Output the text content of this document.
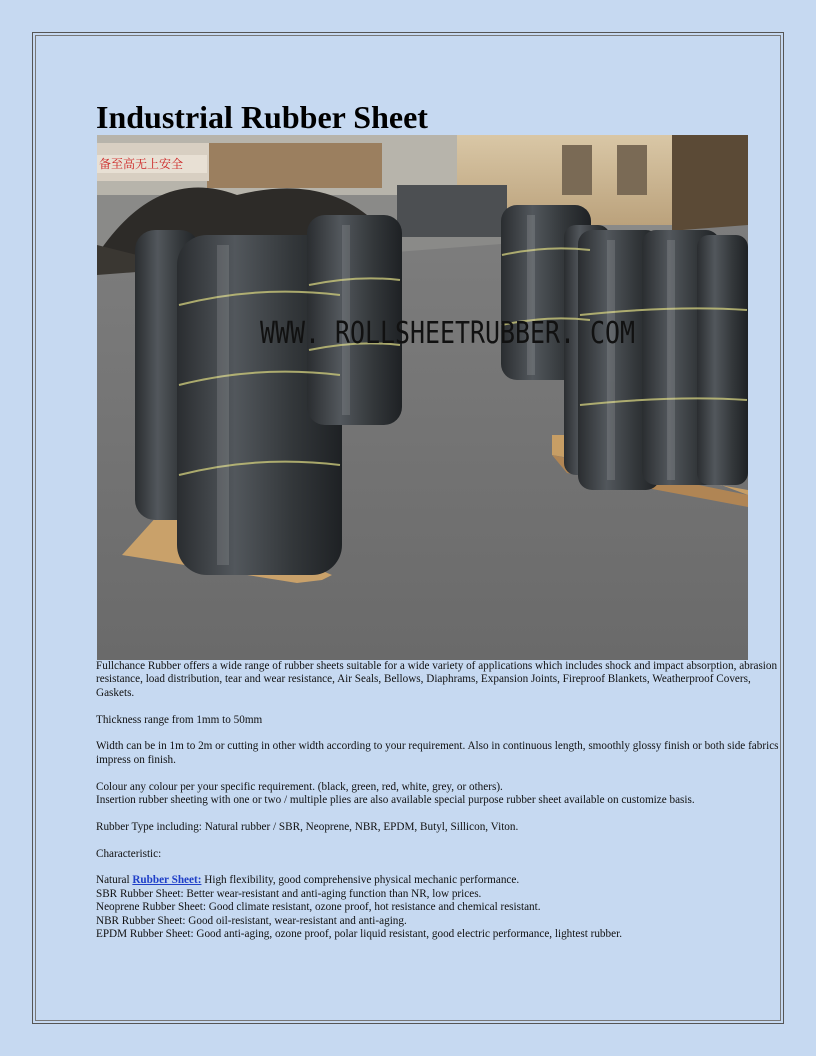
Industrial Rubber Sheet
备至高无上安全
WWW. ROLLSHEETRUBBER. COM

Fullchance Rubber offers a wide range of rubber sheets suitable for a wide variety of applications which includes shock and impact absorption, abrasion resistance, load distribution, tear and wear resistance, Air Seals, Bellows, Diaphrams, Expansion Joints, Fireproof Blankets, Weatherproof Covers, Gaskets.

Thickness range from 1mm to 50mm

Width can be in 1m to 2m or cutting in other width according to your requirement. Also in continuous length, smoothly glossy finish or both side fabrics impress on finish.

Colour any colour per your specific requirement. (black, green, red, white, grey, or others).

Insertion rubber sheeting with one or two / multiple plies are also available special purpose rubber sheet available on customize basis.

Rubber Type including: Natural rubber / SBR, Neoprene, NBR, EPDM, Butyl, Sillicon, Viton.

Characteristic:

Natural Rubber Sheet: High flexibility, good comprehensive physical mechanic performance.

SBR Rubber Sheet: Better wear-resistant and anti-aging function than NR, low prices.

Neoprene Rubber Sheet: Good climate resistant, ozone proof, hot resistance and chemical resistant.

NBR Rubber Sheet: Good oil-resistant, wear-resistant and anti-aging.

EPDM Rubber Sheet: Good anti-aging, ozone proof, polar liquid resistant, good electric performance, lightest rubber.
